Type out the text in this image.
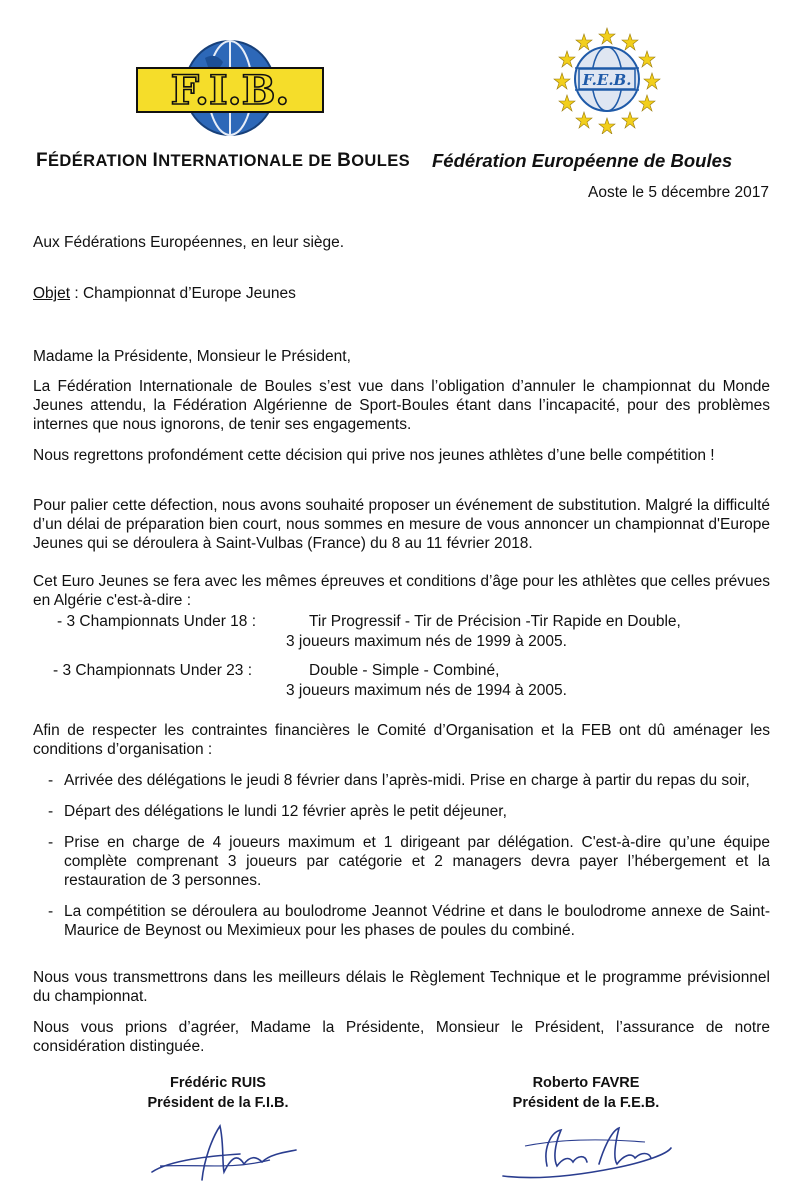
F.I.B.	F.E.B.
FÉDÉRATION INTERNATIONALE DE BOULES Fédération Européenne de Boules
Aoste le 5 décembre 2017
Aux Fédérations Européennes, en leur siège.
Objet : Championnat d’Europe Jeunes
Madame la Présidente, Monsieur le Président,

La Fédération Internationale de Boules s’est vue dans l’obligation d’annuler le championnat du Monde Jeunes attendu, la Fédération Algérienne de Sport-Boules étant dans l’incapacité, pour des problèmes internes que nous ignorons, de tenir ses engagements.

Nous regrettons profondément cette décision qui prive nos jeunes athlètes d’une belle compétition !

Pour palier cette défection, nous avons souhaité proposer un événement de substitution. Malgré la difficulté d’un délai de préparation bien court, nous sommes en mesure de vous annoncer un championnat d'Europe Jeunes qui se déroulera à Saint-Vulbas (France) du 8 au 11 février 2018.

Cet Euro Jeunes se fera avec les mêmes épreuves et conditions d’âge pour les athlètes que celles prévues en Algérie c'est-à-dire :

- 3 Championnats Under 18 :	Tir Progressif - Tir de Précision -Tir Rapide en Double,
3 joueurs maximum nés de 1999 à 2005.
- 3 Championnats Under 23 :	Double - Simple - Combiné,
3 joueurs maximum nés de 1994 à 2005.

Afin de respecter les contraintes financières le Comité d’Organisation et la FEB ont dû aménager les conditions d’organisation :

- Arrivée des délégations le jeudi 8 février dans l’après-midi. Prise en charge à partir du repas du soir,
- Départ des délégations le lundi 12 février après le petit déjeuner,
- Prise en charge de 4 joueurs maximum et 1 dirigeant par délégation. C'est-à-dire qu’une équipe complète comprenant 3 joueurs par catégorie et 2 managers devra payer l’hébergement et la restauration de 3 personnes.
- La compétition se déroulera au boulodrome Jeannot Védrine et dans le boulodrome annexe de Saint-Maurice de Beynost ou Meximieux pour les phases de poules du combiné.

Nous vous transmettrons dans les meilleurs délais le Règlement Technique et le programme prévisionnel du championnat.

Nous vous prions d’agréer, Madame la Présidente, Monsieur le Président, l’assurance de notre considération distinguée.

Frédéric RUIS
Président de la F.I.B.
Roberto FAVRE
Président de la F.E.B.
